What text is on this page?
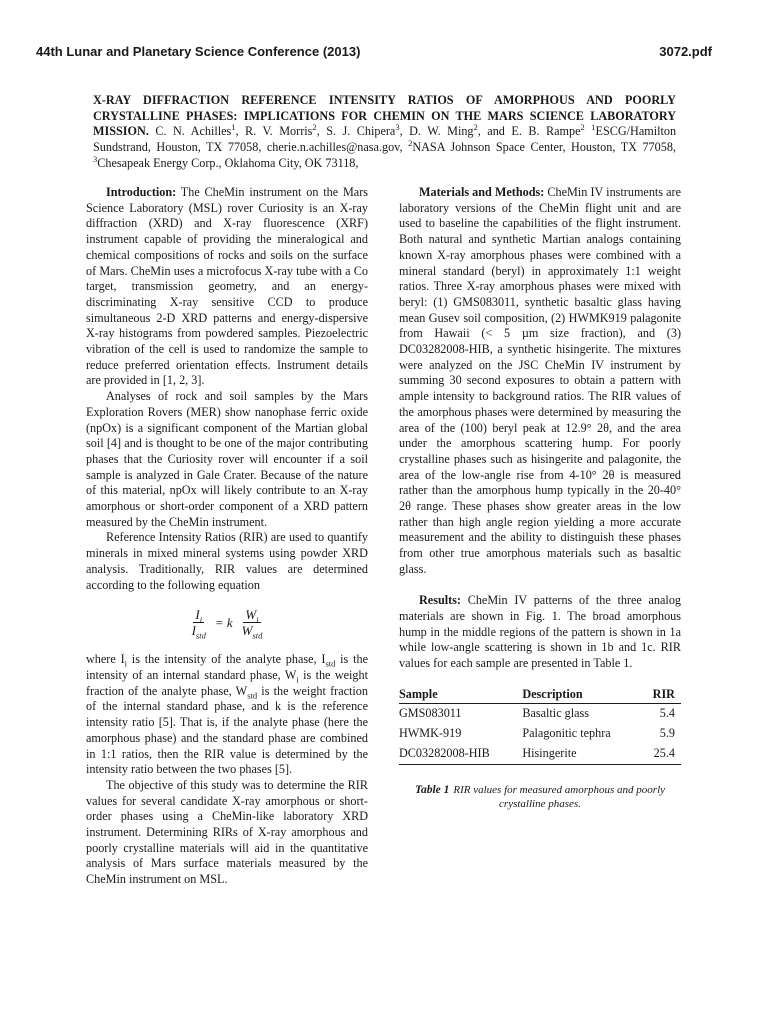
44th Lunar and Planetary Science Conference (2013)	3072.pdf
X-RAY DIFFRACTION REFERENCE INTENSITY RATIOS OF AMORPHOUS AND POORLY CRYSTALLINE PHASES: IMPLICATIONS FOR CHEMIN ON THE MARS SCIENCE LABORATORY MISSION. C. N. Achilles$^1$, R. V. Morris$^2$, S. J. Chipera$^3$, D. W. Ming$^2$, and E. B. Rampe$^2$ $^1$ESCG/Hamilton Sundstrand, Houston, TX 77058, cherie.n.achilles@nasa.gov, $^2$NASA Johnson Space Center, Houston, TX 77058, $^3$Chesapeak Energy Corp., Oklahoma City, OK 73118,

Introduction: The CheMin instrument on the Mars Science Laboratory (MSL) rover Curiosity is an X-ray diffraction (XRD) and X-ray fluorescence (XRF) instrument capable of providing the mineralogical and chemical compositions of rocks and soils on the surface of Mars. CheMin uses a microfocus X-ray tube with a Co target, transmission geometry, and an energy-discriminating X-ray sensitive CCD to produce simultaneous 2-D XRD patterns and energy-dispersive X-ray histograms from powdered samples. Piezoelectric vibration of the cell is used to randomize the sample to reduce preferred orientation effects. Instrument details are provided in [1, 2, 3].

Analyses of rock and soil samples by the Mars Exploration Rovers (MER) show nanophase ferric oxide (npOx) is a significant component of the Martian global soil [4] and is thought to be one of the major contributing phases that the Curiosity rover will encounter if a soil sample is analyzed in Gale Crater. Because of the nature of this material, npOx will likely contribute to an X-ray amorphous or short-order component of a XRD pattern measured by the CheMin instrument.

Reference Intensity Ratios (RIR) are used to quantify minerals in mixed mineral systems using powder XRD analysis. Traditionally, RIR values are determined according to the following equation

$\frac{I_i}{I_{std}} = k \frac{W_i}{W_{std}}$

where $I_i$ is the intensity of the analyte phase, $I_{std}$ is the intensity of an internal standard phase, $W_i$ is the weight fraction of the analyte phase, $W_{std}$ is the weight fraction of the internal standard phase, and k is the reference intensity ratio [5]. That is, if the analyte phase (here the amorphous phase) and the standard phase are combined in 1:1 ratios, then the RIR value is determined by the intensity ratio between the two phases [5].

The objective of this study was to determine the RIR values for several candidate X-ray amorphous or short-order phases using a CheMin-like laboratory XRD instrument. Determining RIRs of X-ray amorphous and poorly crystalline materials will aid in the quantitative analysis of Mars surface materials measured by the CheMin instrument on MSL.

Materials and Methods: CheMin IV instruments are laboratory versions of the CheMin flight unit and are used to baseline the capabilities of the flight instrument. Both natural and synthetic Martian analogs containing known X-ray amorphous phases were combined with a mineral standard (beryl) in approximately 1:1 weight ratios. Three X-ray amorphous phases were mixed with beryl: (1) GMS083011, synthetic basaltic glass having mean Gusev soil composition, (2) HWMK919 palagonite from Hawaii (< 5 µm size fraction), and (3) DC03282008-HIB, a synthetic hisingerite. The mixtures were analyzed on the JSC CheMin IV instrument by summing 30 second exposures to obtain a pattern with ample intensity to background ratios. The RIR values of the amorphous phases were determined by measuring the area of the (100) beryl peak at 12.9° 2θ, and the area under the amorphous scattering hump. For poorly crystalline phases such as hisingerite and palagonite, the area of the low-angle rise from 4-10° 2θ is measured rather than the amorphous hump typically in the 20-40° 2θ range. These phases show greater areas in the low rather than high angle region yielding a more accurate measurement and the ability to distinguish these phases from other true amorphous materials such as basaltic glass.

Results: CheMin IV patterns of the three analog materials are shown in Fig. 1. The broad amorphous hump in the middle regions of the pattern is shown in 1a while low-angle scattering is shown in 1b and 1c. RIR values for each sample are presented in Table 1.

Sample	Description	RIR
GMS083011	Basaltic glass	5.4
HWMK-919	Palagonitic tephra	5.9
DC03282008-HIB	Hisingerite	25.4
Table 1 RIR values for measured amorphous and poorly crystalline phases.
